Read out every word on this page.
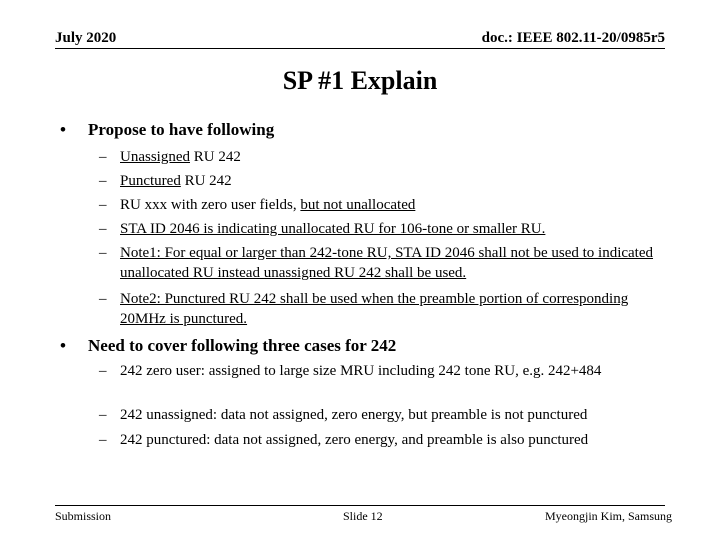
July 2020	doc.: IEEE 802.11-20/0985r5
SP #1 Explain
• Propose to have following
– Unassigned RU 242
– Punctured RU 242
– RU xxx with zero user fields, but not unallocated
– STA ID 2046 is indicating unallocated RU for 106-tone or smaller RU.
– Note1: For equal or larger than 242-tone RU, STA ID 2046 shall not be used to indicated unallocated RU instead unassigned RU 242 shall be used.
– Note2: Punctured RU 242 shall be used when the preamble portion of corresponding 20MHz is punctured.
• Need to cover following three cases for 242
– 242 zero user: assigned to large size MRU including 242 tone RU, e.g. 242+484
– 242 unassigned: data not assigned, zero energy, but preamble is not punctured
– 242 punctured: data not assigned, zero energy, and preamble is also punctured
Submission	Slide 12	Myeongjin Kim, Samsung
